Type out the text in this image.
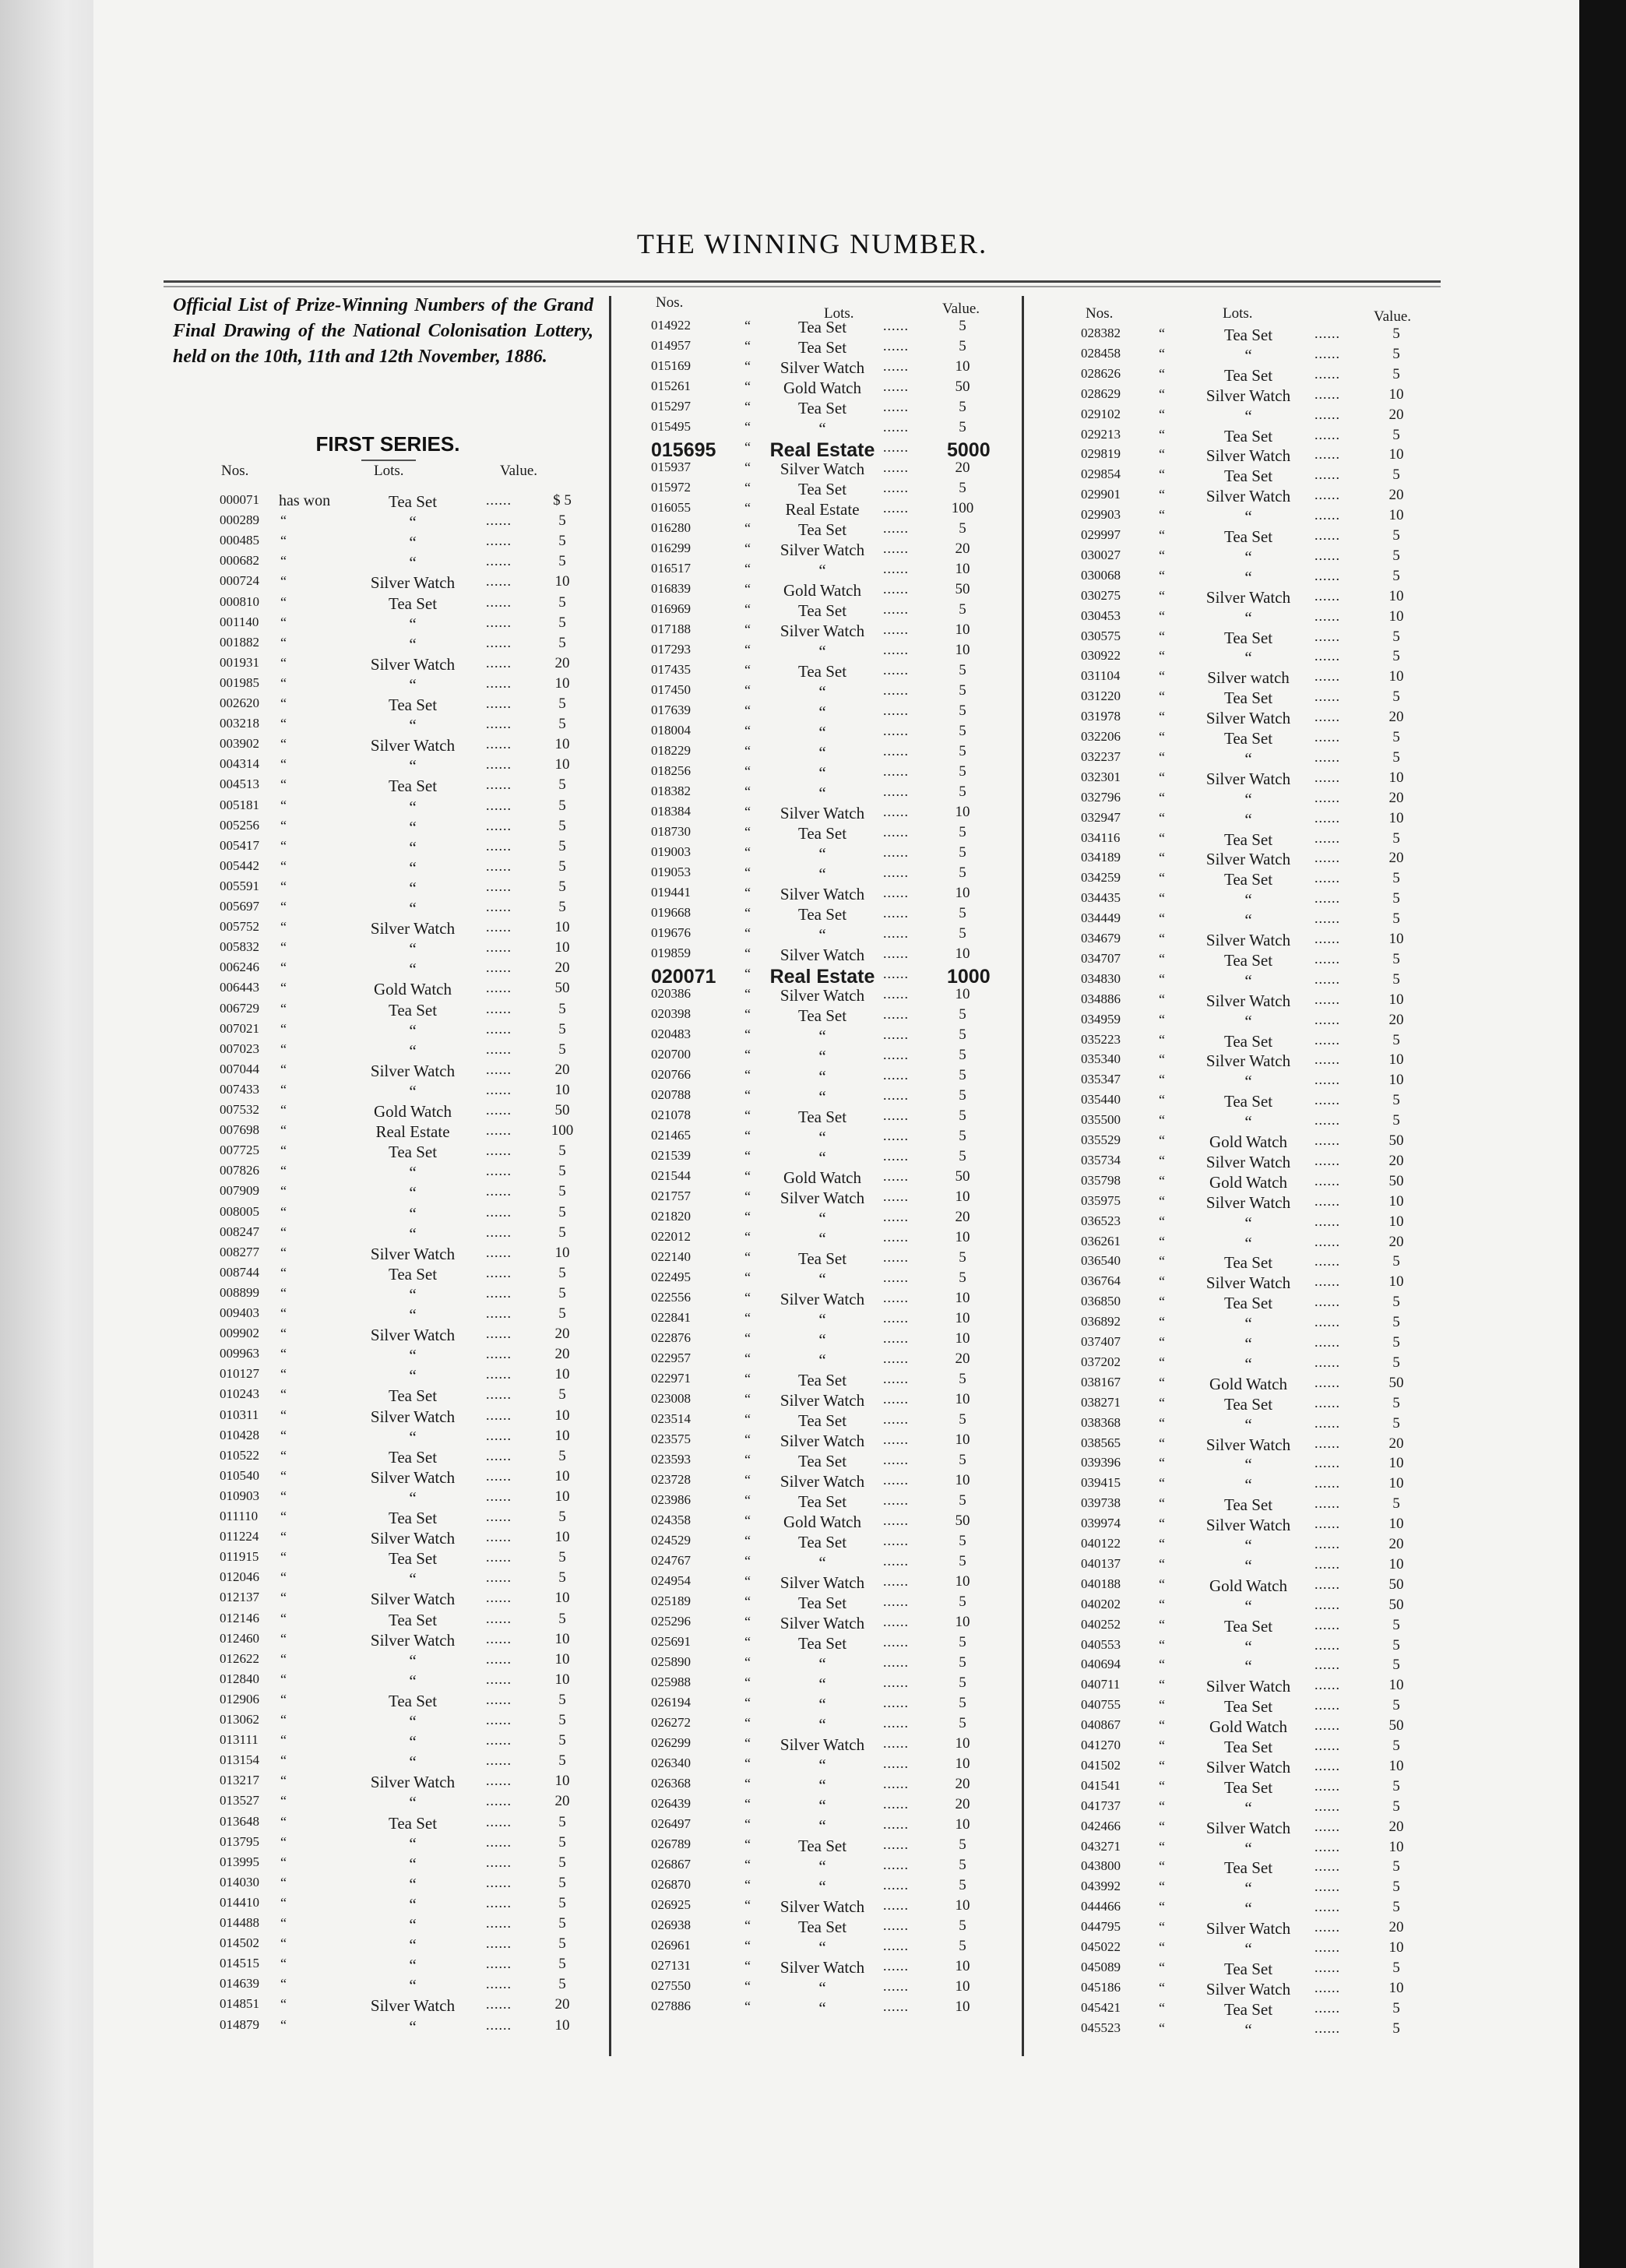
THE WINNING NUMBER.
Official List of Prize-Winning Numbers of the Grand Final Drawing of the National Colonisation Lottery, held on the 10th, 11th and 12th November, 1886.
FIRST SERIES.
Nos.	Lots.	Value.
000071 has won	Tea Set	......	$ 5
000289 “	“	......	5
000485 “	“	......	5
000682 “	“	......	5
000724 “	Silver Watch	......	10
000810 “	Tea Set	......	5
001140 “	“	......	5
001882 “	“	......	5
001931 “	Silver Watch	......	20
001985 “	“	......	10
002620 “	Tea Set	......	5
003218 “	“	......	5
003902 “	Silver Watch	......	10
004314 “	“	......	10
004513 “	Tea Set	......	5
005181 “	“	......	5
005256 “	“	......	5
005417 “	“	......	5
005442 “	“	......	5
005591 “	“	......	5
005697 “	“	......	5
005752 “	Silver Watch	......	10
005832 “	“	......	10
006246 “	“	......	20
006443 “	Gold Watch	......	50
006729 “	Tea Set	......	5
007021 “	“	......	5
007023 “	“	......	5
007044 “	Silver Watch	......	20
007433 “	“	......	10
007532 “	Gold Watch	......	50
007698 “	Real Estate	......	100
007725 “	Tea Set	......	5
007826 “	“	......	5
007909 “	“	......	5
008005 “	“	......	5
008247 “	“	......	5
008277 “	Silver Watch	......	10
008744 “	Tea Set	......	5
008899 “	“	......	5
009403 “	“	......	5
009902 “	Silver Watch	......	20
009963 “	“	......	20
010127 “	“	......	10
010243 “	Tea Set	......	5
010311 “	Silver Watch	......	10
010428 “	“	......	10
010522 “	Tea Set	......	5
010540 “	Silver Watch	......	10
010903 “	“	......	10
011110 “	Tea Set	......	5
011224 “	Silver Watch	......	10
011915 “	Tea Set	......	5
012046 “	“	......	5
012137 “	Silver Watch	......	10
012146 “	Tea Set	......	5
012460 “	Silver Watch	......	10
012622 “	“	......	10
012840 “	“	......	10
012906 “	Tea Set	......	5
013062 “	“	......	5
013111 “	“	......	5
013154 “	“	......	5
013217 “	Silver Watch	......	10
013527 “	“	......	20
013648 “	Tea Set	......	5
013795 “	“	......	5
013995 “	“	......	5
014030 “	“	......	5
014410 “	“	......	5
014488 “	“	......	5
014502 “	“	......	5
014515 “	“	......	5
014639 “	“	......	5
014851 “	Silver Watch	......	20
014879 “	“	......	10
Nos.
Lots.	Value.
014922	“	Tea Set	......	5
014957	“	Tea Set	......	5
015169	“	Silver Watch	......	10
015261	“	Gold Watch	......	50
015297	“	Tea Set	......	5
015495	“	“	......	5
015695 “ Real Estate ...... 5000
015937	“	Silver Watch	......	20
015972	“	Tea Set	......	5
016055	“	Real Estate	......	100
016280	“	Tea Set	......	5
016299	“	Silver Watch	......	20
016517	“	“	......	10
016839	“	Gold Watch	......	50
016969	“	Tea Set	......	5
017188	“	Silver Watch	......	10
017293	“	“	......	10
017435	“	Tea Set	......	5
017450	“	“	......	5
017639	“	“	......	5
018004	“	“	......	5
018229	“	“	......	5
018256	“	“	......	5
018382	“	“	......	5
018384	“	Silver Watch	......	10
018730	“	Tea Set	......	5
019003	“	“	......	5
019053	“	“	......	5
019441	“	Silver Watch	......	10
019668	“	Tea Set	......	5
019676	“	“	......	5
019859	“	Silver Watch	......	10
020071 “ Real Estate ...... 1000
020386	“	Silver Watch	......	10
020398	“	Tea Set	......	5
020483	“	“	......	5
020700	“	“	......	5
020766	“	“	......	5
020788	“	“	......	5
021078	“	Tea Set	......	5
021465	“	“	......	5
021539	“	“	......	5
021544	“	Gold Watch	......	50
021757	“	Silver Watch	......	10
021820	“	“	......	20
022012	“	“	......	10
022140	“	Tea Set	......	5
022495	“	“	......	5
022556	“	Silver Watch	......	10
022841	“	“	......	10
022876	“	“	......	10
022957	“	“	......	20
022971	“	Tea Set	......	5
023008	“	Silver Watch	......	10
023514	“	Tea Set	......	5
023575	“	Silver Watch	......	10
023593	“	Tea Set	......	5
023728	“	Silver Watch	......	10
023986	“	Tea Set	......	5
024358	“	Gold Watch	......	50
024529	“	Tea Set	......	5
024767	“	“	......	5
024954	“	Silver Watch	......	10
025189	“	Tea Set	......	5
025296	“	Silver Watch	......	10
025691	“	Tea Set	......	5
025890	“	“	......	5
025988	“	“	......	5
026194	“	“	......	5
026272	“	“	......	5
026299	“	Silver Watch	......	10
026340	“	“	......	10
026368	“	“	......	20
026439	“	“	......	20
026497	“	“	......	10
026789	“	Tea Set	......	5
026867	“	“	......	5
026870	“	“	......	5
026925	“	Silver Watch	......	10
026938	“	Tea Set	......	5
026961	“	“	......	5
027131	“	Silver Watch	......	10
027550	“	“	......	10
027886	“	“	......	10
Nos.	Lots.	Value.
028382	“	Tea Set	......	5
028458	“	“	......	5
028626	“	Tea Set	......	5
028629	“	Silver Watch	......	10
029102	“	“	......	20
029213	“	Tea Set	......	5
029819	“	Silver Watch	......	10
029854	“	Tea Set	......	5
029901	“	Silver Watch	......	20
029903	“	“	......	10
029997	“	Tea Set	......	5
030027	“	“	......	5
030068	“	“	......	5
030275	“	Silver Watch	......	10
030453	“	“	......	10
030575	“	Tea Set	......	5
030922	“	“	......	5
031104	“	Silver watch	......	10
031220	“	Tea Set	......	5
031978	“	Silver Watch	......	20
032206	“	Tea Set	......	5
032237	“	“	......	5
032301	“	Silver Watch	......	10
032796	“	“	......	20
032947	“	“	......	10
034116	“	Tea Set	......	5
034189	“	Silver Watch	......	20
034259	“	Tea Set	......	5
034435	“	“	......	5
034449	“	“	......	5
034679	“	Silver Watch	......	10
034707	“	Tea Set	......	5
034830	“	“	......	5
034886	“	Silver Watch	......	10
034959	“	“	......	20
035223	“	Tea Set	......	5
035340	“	Silver Watch	......	10
035347	“	“	......	10
035440	“	Tea Set	......	5
035500	“	“	......	5
035529	“	Gold Watch	......	50
035734	“	Silver Watch	......	20
035798	“	Gold Watch	......	50
035975	“	Silver Watch	......	10
036523	“	“	......	10
036261	“	“	......	20
036540	“	Tea Set	......	5
036764	“	Silver Watch	......	10
036850	“	Tea Set	......	5
036892	“	“	......	5
037407	“	“	......	5
037202	“	“	......	5
038167	“	Gold Watch	......	50
038271	“	Tea Set	......	5
038368	“	“	......	5
038565	“	Silver Watch	......	20
039396	“	“	......	10
039415	“	“	......	10
039738	“	Tea Set	......	5
039974	“	Silver Watch	......	10
040122	“	“	......	20
040137	“	“	......	10
040188	“	Gold Watch	......	50
040202	“	“	......	50
040252	“	Tea Set	......	5
040553	“	“	......	5
040694	“	“	......	5
040711	“	Silver Watch	......	10
040755	“	Tea Set	......	5
040867	“	Gold Watch	......	50
041270	“	Tea Set	......	5
041502	“	Silver Watch	......	10
041541	“	Tea Set	......	5
041737	“	“	......	5
042466	“	Silver Watch	......	20
043271	“	“	......	10
043800	“	Tea Set	......	5
043992	“	“	......	5
044466	“	“	......	5
044795	“	Silver Watch	......	20
045022	“	“	......	10
045089	“	Tea Set	......	5
045186	“	Silver Watch	......	10
045421	“	Tea Set	......	5
045523	“	“	......	5
